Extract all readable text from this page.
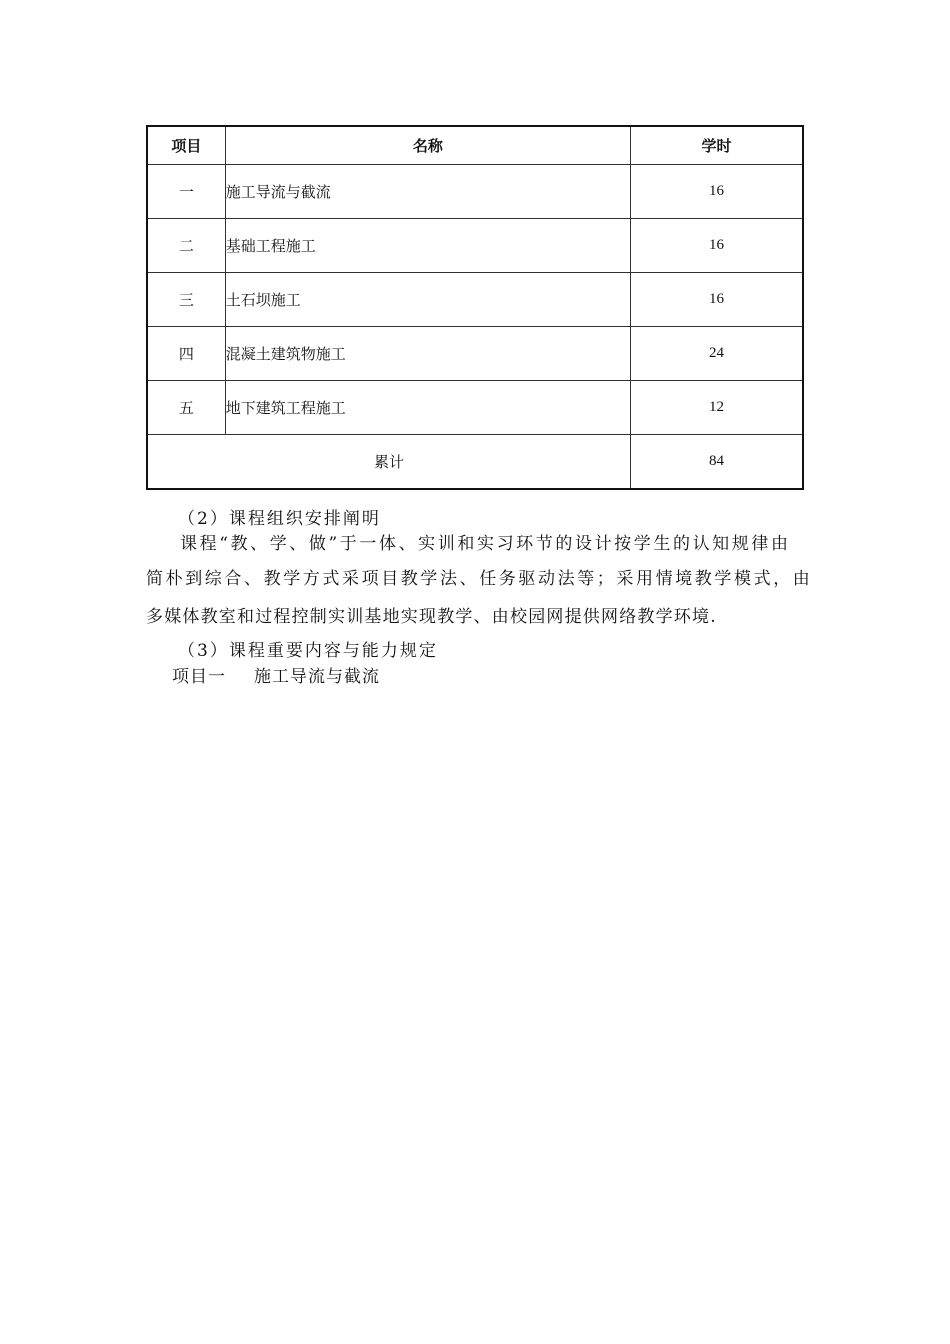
项目	名称	学时
一	施工导流与截流	16
二	基础工程施工	16
三	土石坝施工	16
四	混凝土建筑物施工	24
五	地下建筑工程施工	12
累计		84
（2）课程组织安排阐明
课程“教、学、做”于一体、实训和实习环节的设计按学生的认知规律由
简朴到综合、教学方式采项目教学法、任务驱动法等；采用情境教学模式，由
多媒体教室和过程控制实训基地实现教学、由校园网提供网络教学环境.
（3）课程重要内容与能力规定
项目一 施工导流与截流
